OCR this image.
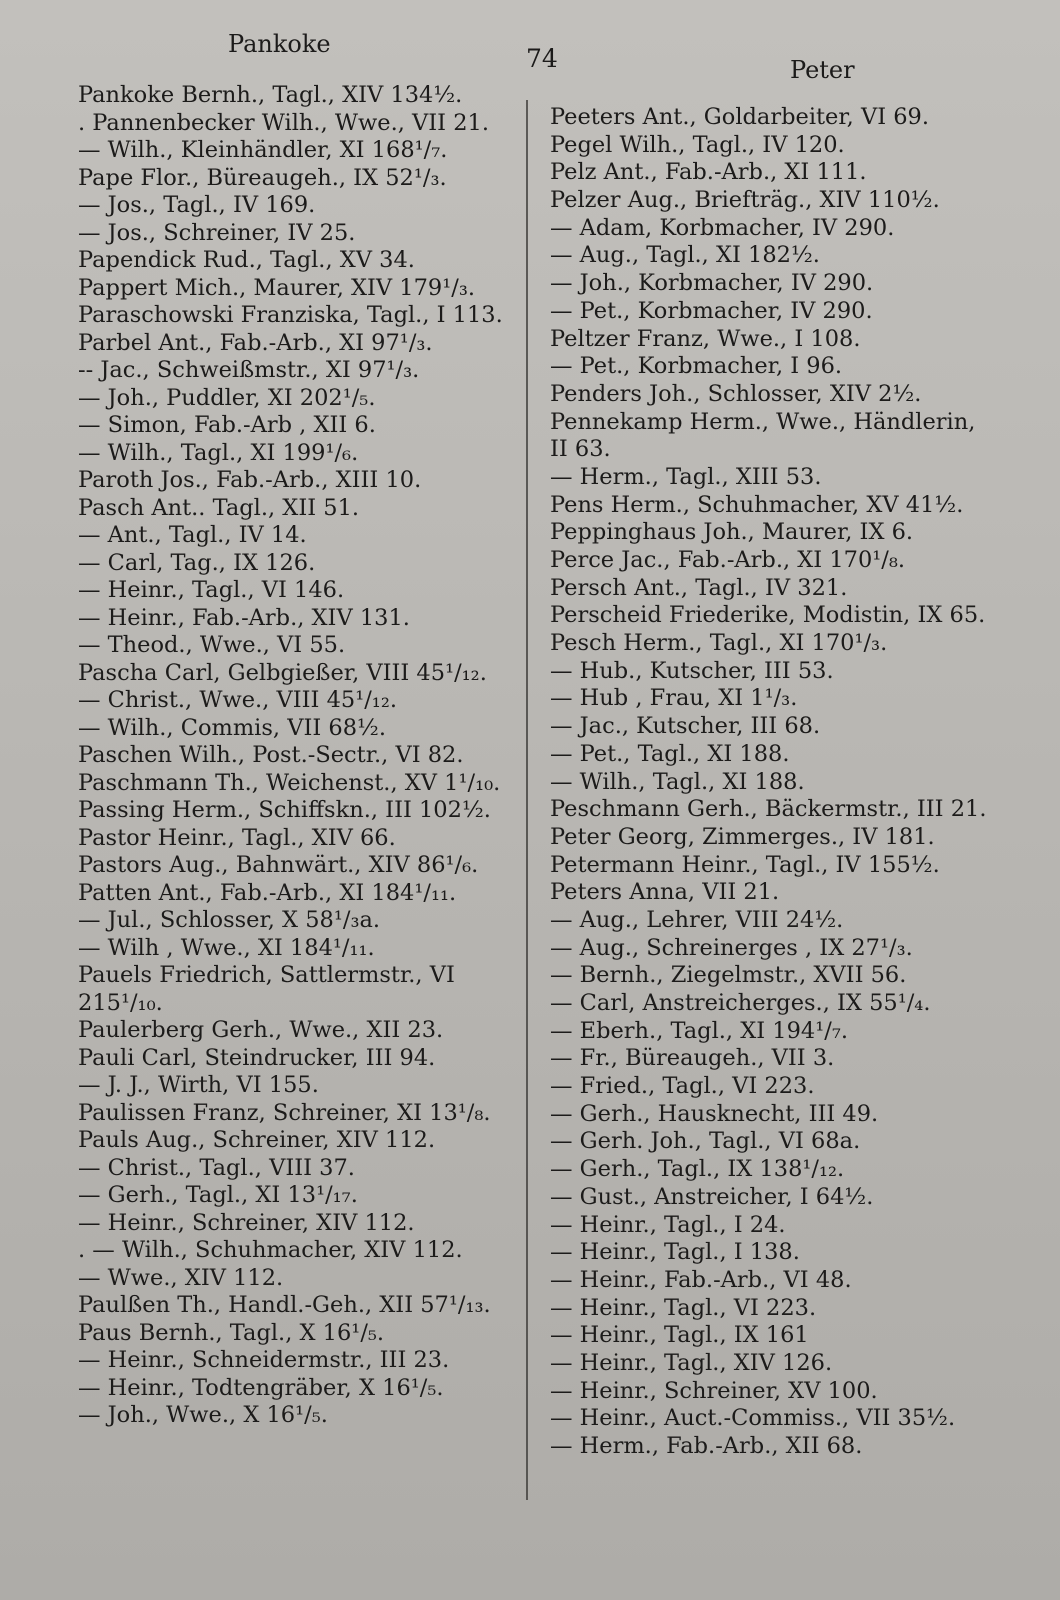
Pankoke	74	Peter
Pankoke Bernh., Tagl., XIV 134½.
. Pannenbecker Wilh., Wwe., VII 21.
— Wilh., Kleinhändler, XI 168¹/₇.
Pape Flor., Büreaugeh., IX 52¹/₃.
— Jos., Tagl., IV 169.
— Jos., Schreiner, IV 25.
Papendick Rud., Tagl., XV 34.
Pappert Mich., Maurer, XIV 179¹/₃.
Paraschowski Franziska, Tagl., I 113.
Parbel Ant., Fab.-Arb., XI 97¹/₃.
-- Jac., Schweißmstr., XI 97¹/₃.
— Joh., Puddler, XI 202¹/₅.
— Simon, Fab.-Arb , XII 6.
— Wilh., Tagl., XI 199¹/₆.
Paroth Jos., Fab.-Arb., XIII 10.
Pasch Ant.. Tagl., XII 51.
— Ant., Tagl., IV 14.
— Carl, Tag., IX 126.
— Heinr., Tagl., VI 146.
— Heinr., Fab.-Arb., XIV 131.
— Theod., Wwe., VI 55.
Pascha Carl, Gelbgießer, VIII 45¹/₁₂.
— Christ., Wwe., VIII 45¹/₁₂.
— Wilh., Commis, VII 68½.
Paschen Wilh., Post.-Sectr., VI 82.
Paschmann Th., Weichenst., XV 1¹/₁₀.
Passing Herm., Schiffskn., III 102½.
Pastor Heinr., Tagl., XIV 66.
Pastors Aug., Bahnwärt., XIV 86¹/₆.
Patten Ant., Fab.-Arb., XI 184¹/₁₁.
— Jul., Schlosser, X 58¹/₃a.
— Wilh , Wwe., XI 184¹/₁₁.
Pauels Friedrich, Sattlermstr., VI
215¹/₁₀.
Paulerberg Gerh., Wwe., XII 23.
Pauli Carl, Steindrucker, III 94.
— J. J., Wirth, VI 155.
Paulissen Franz, Schreiner, XI 13¹/₈.
Pauls Aug., Schreiner, XIV 112.
— Christ., Tagl., VIII 37.
— Gerh., Tagl., XI 13¹/₁₇.
— Heinr., Schreiner, XIV 112.
. — Wilh., Schuhmacher, XIV 112.
— Wwe., XIV 112.
Paulßen Th., Handl.-Geh., XII 57¹/₁₃.
Paus Bernh., Tagl., X 16¹/₅.
— Heinr., Schneidermstr., III 23.
— Heinr., Todtengräber, X 16¹/₅.
— Joh., Wwe., X 16¹/₅.
Peeters Ant., Goldarbeiter, VI 69.
Pegel Wilh., Tagl., IV 120.
Pelz Ant., Fab.-Arb., XI 111.
Pelzer Aug., Briefträg., XIV 110½.
— Adam, Korbmacher, IV 290.
— Aug., Tagl., XI 182½.
— Joh., Korbmacher, IV 290.
— Pet., Korbmacher, IV 290.
Peltzer Franz, Wwe., I 108.
— Pet., Korbmacher, I 96.
Penders Joh., Schlosser, XIV 2½.
Pennekamp Herm., Wwe., Händlerin,
II 63.
— Herm., Tagl., XIII 53.
Pens Herm., Schuhmacher, XV 41½.
Peppinghaus Joh., Maurer, IX 6.
Perce Jac., Fab.-Arb., XI 170¹/₈.
Persch Ant., Tagl., IV 321.
Perscheid Friederike, Modistin, IX 65.
Pesch Herm., Tagl., XI 170¹/₃.
— Hub., Kutscher, III 53.
— Hub , Frau, XI 1¹/₃.
— Jac., Kutscher, III 68.
— Pet., Tagl., XI 188.
— Wilh., Tagl., XI 188.
Peschmann Gerh., Bäckermstr., III 21.
Peter Georg, Zimmerges., IV 181.
Petermann Heinr., Tagl., IV 155½.
Peters Anna, VII 21.
— Aug., Lehrer, VIII 24½.
— Aug., Schreinerges , IX 27¹/₃.
— Bernh., Ziegelmstr., XVII 56.
— Carl, Anstreicherges., IX 55¹/₄.
— Eberh., Tagl., XI 194¹/₇.
— Fr., Büreaugeh., VII 3.
— Fried., Tagl., VI 223.
— Gerh., Hausknecht, III 49.
— Gerh. Joh., Tagl., VI 68a.
— Gerh., Tagl., IX 138¹/₁₂.
— Gust., Anstreicher, I 64½.
— Heinr., Tagl., I 24.
— Heinr., Tagl., I 138.
— Heinr., Fab.-Arb., VI 48.
— Heinr., Tagl., VI 223.
— Heinr., Tagl., IX 161
— Heinr., Tagl., XIV 126.
— Heinr., Schreiner, XV 100.
— Heinr., Auct.-Commiss., VII 35½.
— Herm., Fab.-Arb., XII 68.
